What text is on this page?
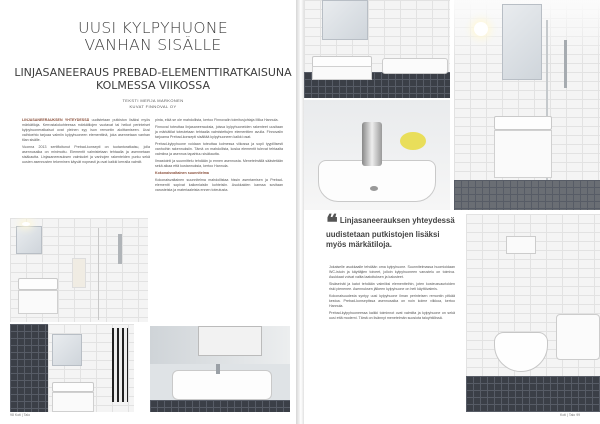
UUSI KYLPYHUONE
VANHAN SISÄLLE
LINJASANEERAUS PREBAD-ELEMENTTIRATKAISUNA
KOLMESSA VIIKOSSA
TEKSTI MERJA MARKONEN
KUVAT FINNOVAL OY

LINJASANEERAUKSEN YHTEYDESSÄ uudistetaan putkiston lisäksi myös märkätiloja. Kerrostalokohteessa märkätilojen vuotavat tai heikot perinteiset kylpyhuoneratkaisut ovat yleinen syy ison remontin aloittamiseen. Uusi vaihtoehto tarjoaa valmiin kylpyhuoneen elementtinä, joka asennetaan vanhan tilan sisälle.

Vuonna 2013 sertifioitunut Prebad-konsepti on tuotantoratkaisu, jolla asennusaika on minimoitu. Elementit valmistetaan tehtaalla ja asennetaan sisäkautta. Linjasaneerauksen valmiudet ja vanhojen rakenteiden purku sekä uusien asennusten tekeminen käyvät nopeasti ja ovat kaikki kerralla valmiit.

pinta, eikä se ole mahdollista, kertoo Finnovalin toimitusjohtaja Mika Hannula.

Finnoval toteuttaa linjasaneerauksia, joissa kylpyhuoneiden rakenteet uusitaan ja märkätilat toteutetaan tehtaalla valmistettujen elementtien avulla. Finnovalin tarjoama Prebad-konsepti sisältää kylpyhuoneen kaikki osat.

Prebad-kylpyhuone voidaan toteuttaa kolmessa viikossa ja sopii tyypillisesti vanhoihin rakennuksiin. Tämä on mahdollista, koska elementit tulevat tehtaalta valmiina ja asennus tapahtuu sisäkautta.

Ilmastointi ja suunnittelu tehdään jo ennen asennusta. Menetelmällä säästetään sekä aikaa että kustannuksia, kertoo Hannula.

Kokonaisvaltainen suunnitelma

Kokonaisvaltainen suunnitelma mahdollistaa hissin asentamisen ja Prebad-elementit sopivat kaikenlaisiin kohteisiin. Asukkaiden kanssa sovitaan varusteista ja materiaaleista ennen toteutusta.

98 Koti | Talo
❝ Linjasaneerauksen yhteydessä uudistetaan putkistojen lisäksi myös märkätiloja.

Jokaiselle asukkaalle tehdään oma kylpyhuone. Suunnitelmassa huomioidaan WC-istuin ja käyttäjien toiveet, jolloin kylpyhuoneen varustelu on toimiva. Asukkaat voivat valita laatoituksen ja kalusteet.

Sisäseinät ja katot tehdään valmiiksi elementteihin, joten kosteusvaurioiden riski pienenee. Asennuksen jälkeen kylpyhuone on heti käyttövalmis.

Kokonaisuudesta syntyy uusi kylpyhuone ilman perinteisen remontin pitkää kestoa. Prebad-konseptissa asennusaika on noin kolme viikkoa, kertoo Hannula.

Prebad-kylpyhuoneessa kaikki toiminnot ovat valmiita ja kylpyhuone on sekä uusi että moderni. Tämä on lisännyt menetelmän suosiota taloyhtiöissä.

Koti | Talo 99
